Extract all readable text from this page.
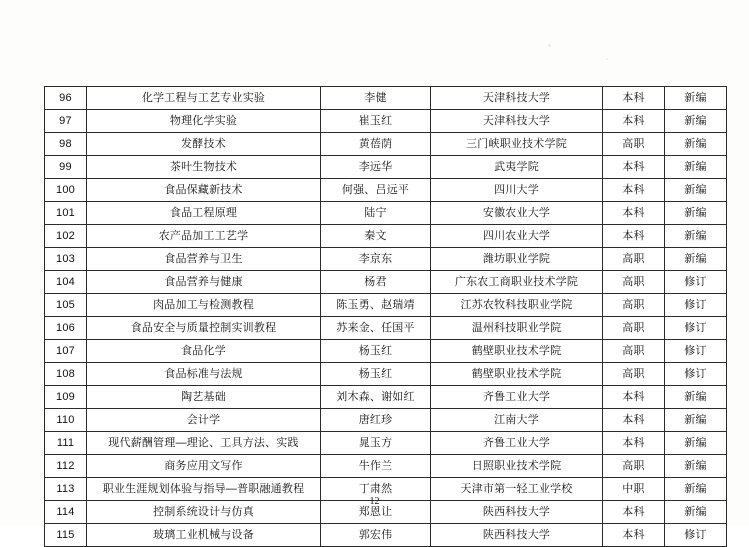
96	化学工程与工艺专业实验	李健	天津科技大学	本科	新编
97	物理化学实验	崔玉红	天津科技大学	本科	新编
98	发酵技术	黄蓓荫	三门峡职业技术学院	高职	新编
99	茶叶生物技术	李远华	武夷学院	本科	新编
100	食品保藏新技术	何强、吕远平	四川大学	本科	新编
101	食品工程原理	陆宁	安徽农业大学	本科	新编
102	农产品加工工艺学	秦文	四川农业大学	本科	新编
103	食品营养与卫生	李京东	潍坊职业学院	高职	新编
104	食品营养与健康	杨君	广东农工商职业技术学院	高职	修订
105	肉品加工与检测教程	陈玉勇、赵瑞靖	江苏农牧科技职业学院	高职	修订
106	食品安全与质量控制实训教程	苏来金、任国平	温州科技职业学院	高职	修订
107	食品化学	杨玉红	鹤壁职业技术学院	高职	修订
108	食品标准与法规	杨玉红	鹤壁职业技术学院	高职	修订
109	陶艺基础	刘木森、谢如红	齐鲁工业大学	本科	新编
110	会计学	唐红珍	江南大学	本科	新编
111	现代薪酬管理—理论、工具方法、实践	晁玉方	齐鲁工业大学	本科	新编
112	商务应用文写作	牛作兰	日照职业技术学院	高职	新编
113	职业生涯规划体验与指导—普职融通教程	丁肃然	天津市第一轻工业学校	中职	新编
114	控制系统设计与仿真	郑恩让	陕西科技大学	本科	新编
115	玻璃工业机械与设备	郭宏伟	陕西科技大学	本科	修订
12
